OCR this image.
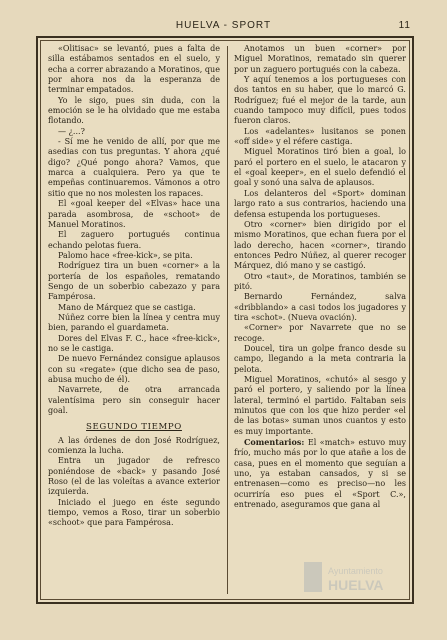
HUELVA - SPORT	11

«Olitisac» se levantó, pues a falta de silla estábamos sentados en el suelo, y echa a correr abrazando a Moratinos, que por ahora nos da la esperanza de terminar empatados.

Yo le sigo, pues sin duda, con la emoción se le ha olvidado que me estaba flotando.

— ¿...?

- Sí me he venido de allí, por que me asedias con tus preguntas. Y ahora ¿qué digo? ¿Qué pongo ahora? Vamos, que marca a cualquiera. Pero ya que te empeñas continuaremos. Vámonos a otro sitio que no nos molesten los rapaces.

El «goal keeper del «Elvas» hace una parada asombrosa, de «schoot» de Manuel Moratinos.

El zaguero portugués continua echando pelotas fuera.

Palomo hace «free-kick», se pita.

Rodríguez tira un buen «corner» a la portería de los españoles, rematando Sengo de un soberbio cabezazo y para Fampérosa.

Mano de Márquez que se castiga.

Núñez corre bien la línea y centra muy bien, parando el guardameta.

Dores del Elvas F. C., hace «free-kick», no se le castiga.

De nuevo Fernández consigue aplausos con su «regate» (que dicho sea de paso, abusa mucho de él).

Navarrete, de otra arrancada valentísima pero sin conseguir hacer goal.

SEGUNDO TIEMPO

A las órdenes de don José Rodríguez, comienza la lucha.

Entra un jugador de refresco poniéndose de «back» y pasando José Roso (el de las voleítas a avance exterior izquierda.

Iniciado el juego en éste segundo tiempo, vemos a Roso, tirar un soberbio «schoot» que para Fampérosa.

Anotamos un buen «corner» por Miguel Moratinos, rematado sin querer por un zaguero portugués con la cabeza.

Y aquí tenemos a los portugueses con dos tantos en su haber, que lo marcó G. Rodríguez; fué el mejor de la tarde, aun cuando tampoco muy difícil, pues todos fueron claros.

Los «adelantes» lusitanos se ponen «off side» y el réfere castiga.

Miguel Moratinos tiró bien a goal, lo paró el portero en el suelo, le atacaron y el «goal keeper», en el suelo defendió el goal y sonó una salva de aplausos.

Los delanteros del «Sport» dominan largo rato a sus contrarios, haciendo una defensa estupenda los portugueses.

Otro «corner» bien dirigido por el mismo Moratinos, que echan fuera por el lado derecho, hacen «corner», tirando entonces Pedro Núñez, al querer recoger Márquez, dió mano y se castigó.

Otro «taut», de Moratinos, también se pitó.

Bernardo Fernández, salva «dribblando» a casi todos los jugadores y tira «schot». (Nueva ovación).

«Corner» por Navarrete que no se recoge.

Doucel, tira un golpe franco desde su campo, llegando a la meta contraria la pelota.

Miguel Moratinos, «chutó» al sesgo y paró el portero, y saliendo por la línea lateral, terminó el partido. Faltaban seis minutos que con los que hizo perder «el de las botas» suman unos cuantos y esto es muy importante.

Comentarios: El «match» estuvo muy frío, mucho más por lo que atañe a los de casa, pues en el momento que seguían a uno, ya estaban cansados, y si se entrenasen—como es preciso—no les ocurriría eso pues el «Sport C.», entrenado, aseguramos que gana al
